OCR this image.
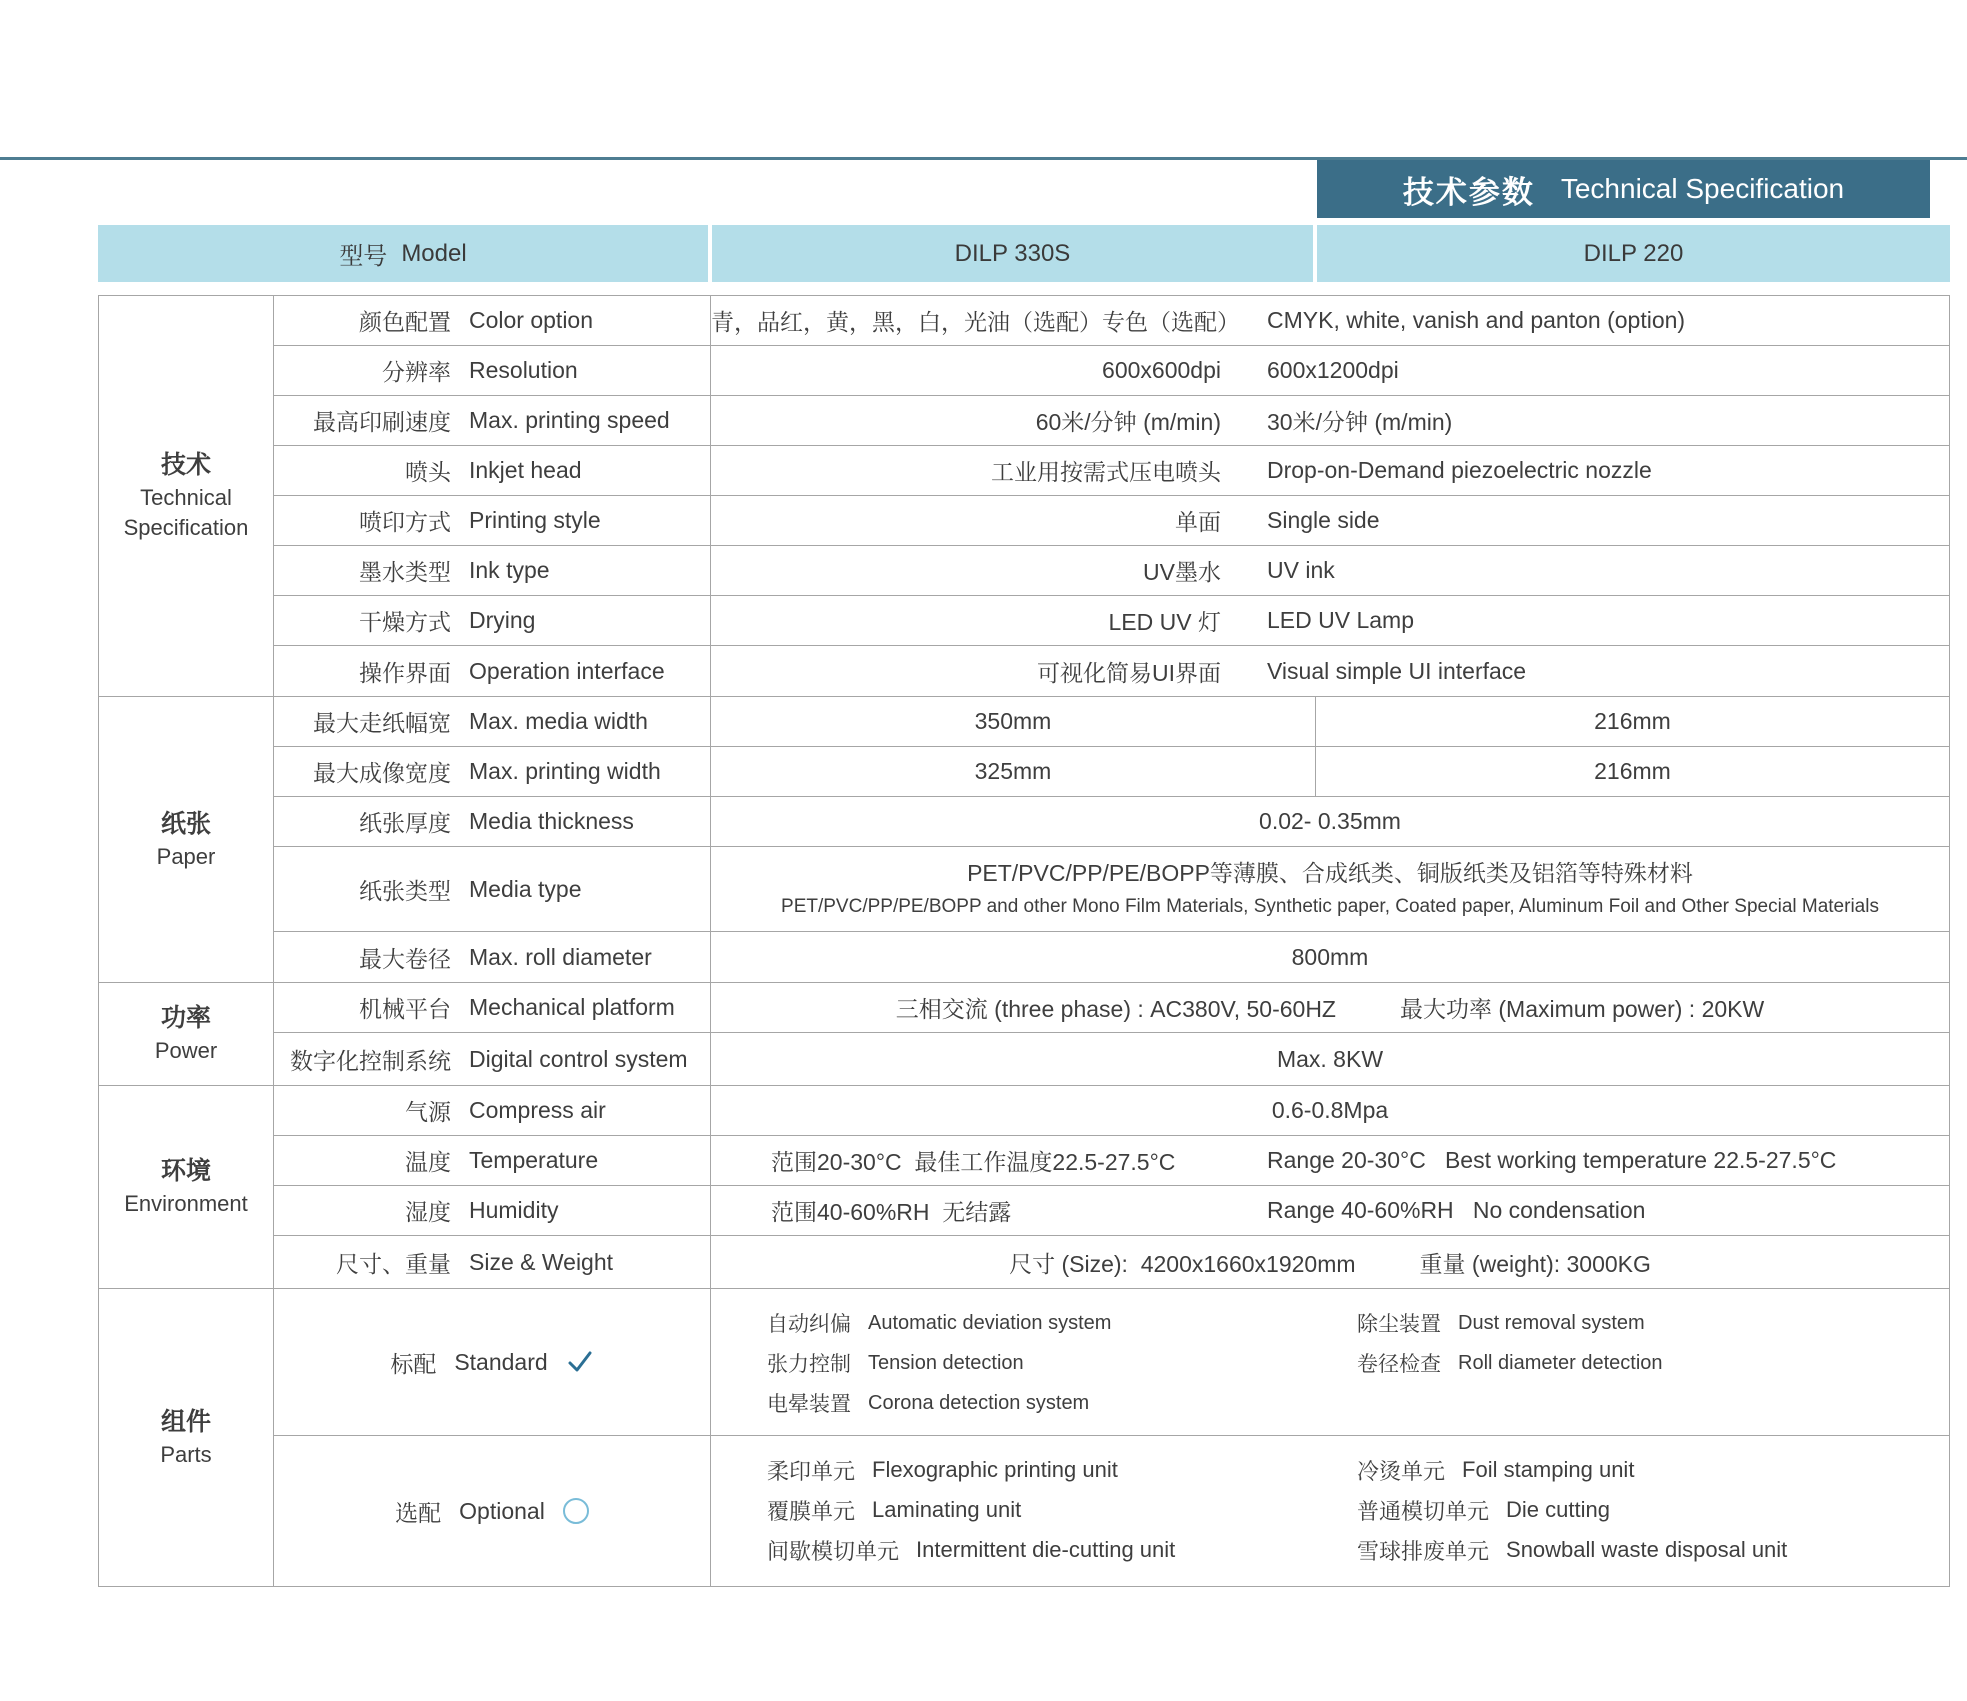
技术参数 Technical Specification
型号 Model	DILP 330S	DILP 220
技术
Technical Specification
颜色配置 Color option	青，品红，黄，黑，白，光油（选配）专色（选配） CMYK, white, vanish and panton (option)
分辨率 Resolution	600x600dpi 600x1200dpi
最高印刷速度 Max. printing speed	60米/分钟 (m/min) 30米/分钟 (m/min)
喷头 Inkjet head	工业用按需式压电喷头 Drop-on-Demand piezoelectric nozzle
喷印方式 Printing style	单面 Single side
墨水类型 Ink type	UV墨水 UV ink
干燥方式 Drying	LED UV 灯 LED UV Lamp
操作界面 Operation interface	可视化简易UI界面 Visual simple UI interface
纸张
Paper
最大走纸幅宽 Max. media width	350mm	216mm
最大成像宽度 Max. printing width	325mm	216mm
纸张厚度 Media thickness	0.02- 0.35mm
纸张类型 Media type
PET/PVC/PP/PE/BOPP等薄膜、合成纸类、铜版纸类及铝箔等特殊材料
PET/PVC/PP/PE/BOPP and other Mono Film Materials, Synthetic paper, Coated paper, Aluminum Foil and Other Special Materials
最大卷径 Max. roll diameter	800mm
功率
Power
机械平台 Mechanical platform	三相交流 (three phase) : AC380V, 50-60HZ	最大功率 (Maximum power) : 20KW
数字化控制系统 Digital control system	Max. 8KW
环境
Environment
气源 Compress air	0.6-0.8Mpa
温度 Temperature	范围20-30°C  最佳工作温度22.5-27.5°C	Range 20-30°C   Best working temperature 22.5-27.5°C
湿度 Humidity	范围40-60%RH  无结露	Range 40-60%RH   No condensation
尺寸、重量 Size & Weight	尺寸 (Size):  4200x1660x1920mm	重量 (weight): 3000KG
组件
Parts
标配 Standard
自动纠偏 Automatic deviation system
张力控制 Tension detection
电晕装置 Corona detection system
除尘装置 Dust removal system
卷径检查 Roll diameter detection
选配 Optional
柔印单元 Flexographic printing unit
覆膜单元 Laminating unit
间歇模切单元 Intermittent die-cutting unit
冷烫单元 Foil stamping unit
普通模切单元 Die cutting
雪球排废单元 Snowball waste disposal unit
